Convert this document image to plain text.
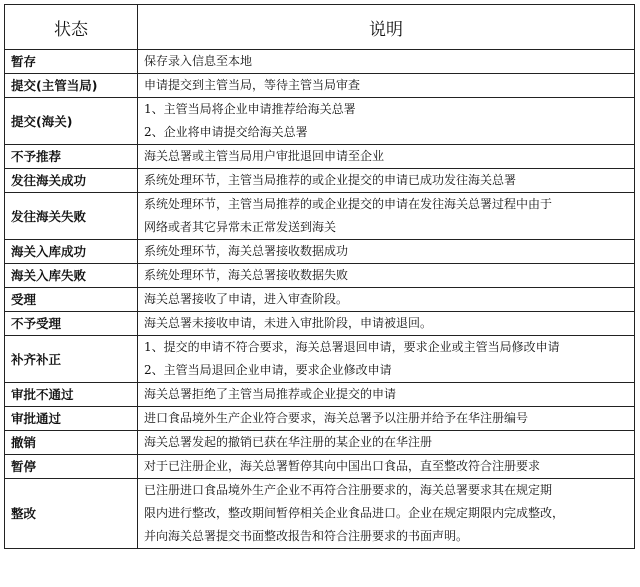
状态	说明
暂存	保存录入信息至本地

提交(主管当局)	申请提交到主管当局，等待主管当局审查

提交(海关)	1、主管当局将企业申请推荐给海关总署
2、企业将申请提交给海关总署

不予推荐	海关总署或主管当局用户审批退回申请至企业

发往海关成功	系统处理环节，主管当局推荐的或企业提交的申请已成功发往海关总署

发往海关失败	系统处理环节，主管当局推荐的或企业提交的申请在发往海关总署过程中由于
网络或者其它异常未正常发送到海关

海关入库成功	系统处理环节，海关总署接收数据成功

海关入库失败	系统处理环节，海关总署接收数据失败

受理	海关总署接收了申请，进入审查阶段。

不予受理	海关总署未接收申请，未进入审批阶段，申请被退回。

补齐补正	1、提交的申请不符合要求，海关总署退回申请，要求企业或主管当局修改申请
2、主管当局退回企业申请，要求企业修改申请

审批不通过	海关总署拒绝了主管当局推荐或企业提交的申请

审批通过	进口食品境外生产企业符合要求，海关总署予以注册并给予在华注册编号

撤销	海关总署发起的撤销已获在华注册的某企业的在华注册

暂停	对于已注册企业，海关总署暂停其向中国出口食品，直至整改符合注册要求

整改	已注册进口食品境外生产企业不再符合注册要求的，海关总署要求其在规定期
限内进行整改，整改期间暂停相关企业食品进口。企业在规定期限内完成整改，
并向海关总署提交书面整改报告和符合注册要求的书面声明。
